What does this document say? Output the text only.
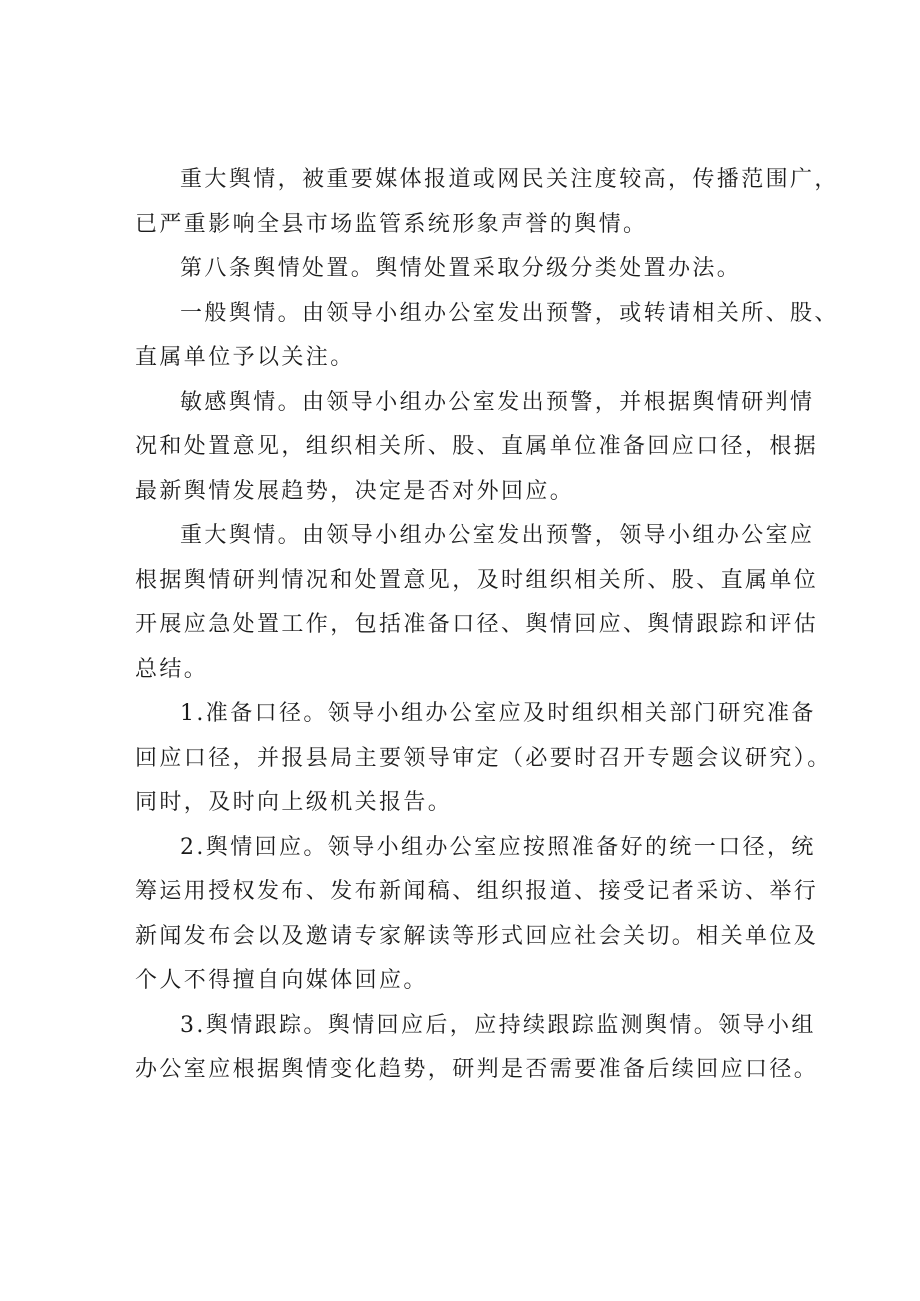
重大舆情，被重要媒体报道或网民关注度较高，传播范围广，
已严重影响全县市场监管系统形象声誉的舆情。

第八条舆情处置。舆情处置采取分级分类处置办法。

一般舆情。由领导小组办公室发出预警，或转请相关所、股、
直属单位予以关注。

敏感舆情。由领导小组办公室发出预警，并根据舆情研判情
况和处置意见，组织相关所、股、直属单位准备回应口径，根据
最新舆情发展趋势，决定是否对外回应。

重大舆情。由领导小组办公室发出预警，领导小组办公室应
根据舆情研判情况和处置意见，及时组织相关所、股、直属单位
开展应急处置工作，包括准备口径、舆情回应、舆情跟踪和评估
总结。

1.准备口径。领导小组办公室应及时组织相关部门研究准备
回应口径，并报县局主要领导审定（必要时召开专题会议研究）。
同时，及时向上级机关报告。

2.舆情回应。领导小组办公室应按照准备好的统一口径，统
筹运用授权发布、发布新闻稿、组织报道、接受记者采访、举行
新闻发布会以及邀请专家解读等形式回应社会关切。相关单位及
个人不得擅自向媒体回应。

3.舆情跟踪。舆情回应后，应持续跟踪监测舆情。领导小组
办公室应根据舆情变化趋势，研判是否需要准备后续回应口径。
